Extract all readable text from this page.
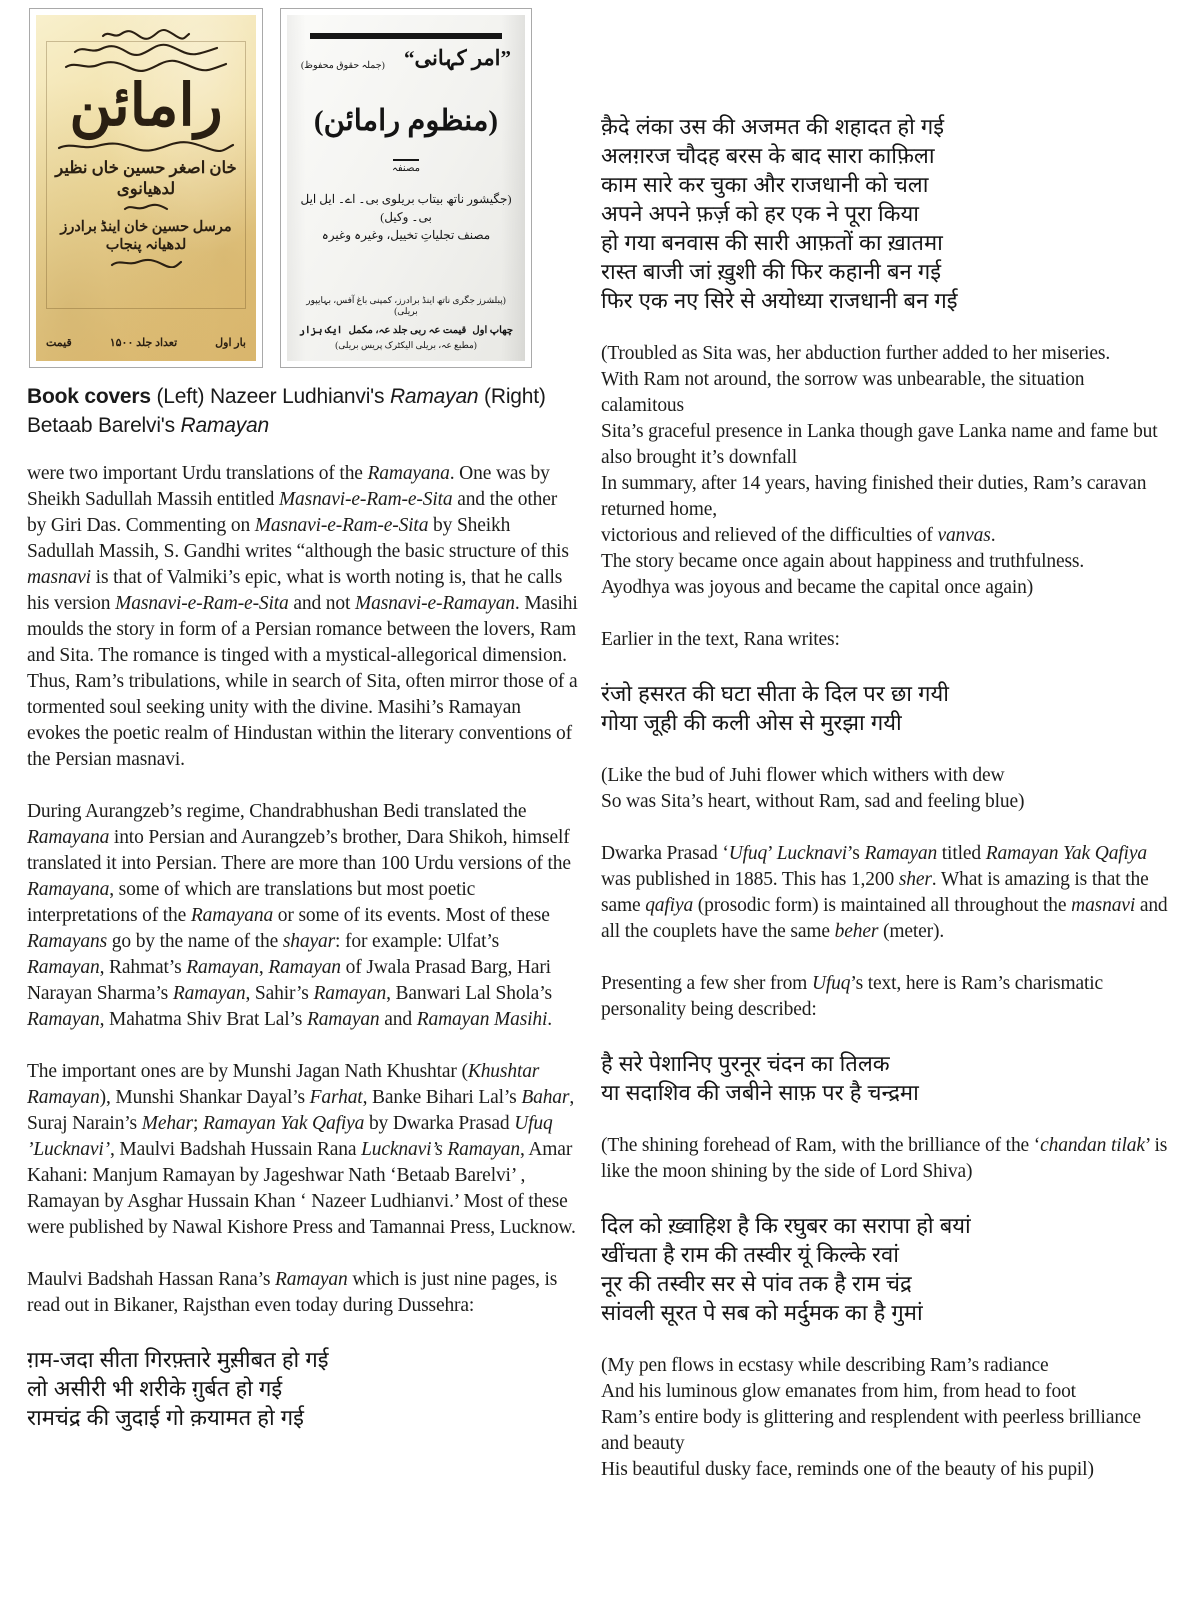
رامائن
خان اصغر حسین خاں نظیر لدھیانوی
مرسل حسین خان اینڈ برادرز لدھیانہ پنجاب
قیمت	تعداد جلد ۱۵۰۰	بار اول
(جملہ حقوق محفوظ) ”امر کہانی“
(منظوم رامائن)
مصنفہ
(جگیشور ناتھ بیتاب بریلوی بی۔ اے۔ ایل ایل بی۔ وکیل)
مصنف تجلیاتِ تخییل، وغیرہ وغیرہ
(پبلشرز جگری ناتھ اینڈ برادرز، کمپنی باغ آفس، بہایپور بریلی)
ایک ہزار قیمت عہ ربی جلد عہ، مکمل چھاپ اول
(مطبع عہ، بریلی الیکٹرک پریس بریلی)

Book covers (Left) Nazeer Ludhianvi's Ramayan (Right) Betaab Barelvi's Ramayan

were two important Urdu translations of the Ramayana. One was by Sheikh Sadullah Massih entitled Masnavi-e-Ram-e-Sita and the other by Giri Das. Commenting on Masnavi-e-Ram-e-Sita by Sheikh Sadullah Massih, S. Gandhi writes “although the basic structure of this masnavi is that of Valmiki’s epic, what is worth noting is, that he calls his version Masnavi-e-Ram-e-Sita and not Masnavi-e-Ramayan. Masihi moulds the story in form of a Persian romance between the lovers, Ram and Sita. The romance is tinged with a mystical-allegorical dimension. Thus, Ram’s tribulations, while in search of Sita, often mirror those of a tormented soul seeking unity with the divine. Masihi’s Ramayan evokes the poetic realm of Hindustan within the literary conventions of the Persian masnavi.

During Aurangzeb’s regime, Chandrabhushan Bedi translated the Ramayana into Persian and Aurangzeb’s brother, Dara Shikoh, himself translated it into Persian. There are more than 100 Urdu versions of the Ramayana, some of which are translations but most poetic interpretations of the Ramayana or some of its events. Most of these Ramayans go by the name of the shayar: for example: Ulfat’s Ramayan, Rahmat’s Ramayan, Ramayan of Jwala Prasad Barg, Hari Narayan Sharma’s Ramayan, Sahir’s Ramayan, Banwari Lal Shola’s Ramayan, Mahatma Shiv Brat Lal’s Ramayan and Ramayan Masihi.

The important ones are by Munshi Jagan Nath Khushtar (Khushtar Ramayan), Munshi Shankar Dayal’s Farhat, Banke Bihari Lal’s Bahar, Suraj Narain’s Mehar; Ramayan Yak Qafiya by Dwarka Prasad Ufuq ’Lucknavi’, Maulvi Badshah Hussain Rana Lucknavi’s Ramayan, Amar Kahani: Manjum Ramayan by Jageshwar Nath ‘Betaab Barelvi’ , Ramayan by Asghar Hussain Khan ‘ Nazeer Ludhianvi.’ Most of these were published by Nawal Kishore Press and Tamannai Press, Lucknow.

Maulvi Badshah Hassan Rana’s Ramayan which is just nine pages, is read out in Bikaner, Rajsthan even today during Dussehra:

ग़म-जदा सीता गिरफ़्तारे मुस़ीबत हो गई
लो असीरी भी शरीके ग़ुर्बत हो गई
रामचंद्र की जुदाई गो क़यामत हो गई

क़ैदे लंका उस की अजमत की शहादत हो गई
अलग़रज चौदह बरस के बाद सारा काफ़िला
काम सारे कर चुका और राजधानी को चला
अपने अपने फ़र्ज़ को हर एक ने पूरा किया
हो गया बनवास की सारी आफ़तों का ख़ातमा
रास्त बाजी जां ख़ुशी की फिर कहानी बन गई
फिर एक नए सिरे से अयोध्या राजधानी बन गई

(Troubled as Sita was, her abduction further added to her miseries.
With Ram not around, the sorrow was unbearable, the situation calamitous
Sita’s graceful presence in Lanka though gave Lanka name and fame but also brought it’s downfall
In summary, after 14 years, having finished their duties, Ram’s caravan returned home,
victorious and relieved of the difficulties of vanvas.
The story became once again about happiness and truthfulness.
Ayodhya was joyous and became the capital once again)

Earlier in the text, Rana writes:

रंजो हसरत की घटा सीता के दिल पर छा गयी
गोया जूही की कली ओस से मुरझा गयी

(Like the bud of Juhi flower which withers with dew
So was Sita’s heart, without Ram, sad and feeling blue)

Dwarka Prasad ‘Ufuq’ Lucknavi’s Ramayan titled Ramayan Yak Qafiya was published in 1885. This has 1,200 sher. What is amazing is that the same qafiya (prosodic form) is maintained all throughout the masnavi and all the couplets have the same beher (meter).

Presenting a few sher from Ufuq’s text, here is Ram’s charismatic personality being described:

है सरे पेशानिए पुरनूर चंदन का तिलक
या सदाशिव की जबीने साफ़ पर है चन्द्रमा

(The shining forehead of Ram, with the brilliance of the ‘chandan tilak’ is like the moon shining by the side of Lord Shiva)

दिल को ख़्वाहिश है कि रघुबर का सरापा हो बयां
खींचता है राम की तस्वीर यूं किल्के रवां
नूर की तस्वीर सर से पांव तक है राम चंद्र
सांवली सूरत पे सब को मर्दुमक का है गुमां

(My pen flows in ecstasy while describing Ram’s radiance
And his luminous glow emanates from him, from head to foot
Ram’s entire body is glittering and resplendent with peerless brilliance and beauty
His beautiful dusky face, reminds one of the beauty of his pupil)
